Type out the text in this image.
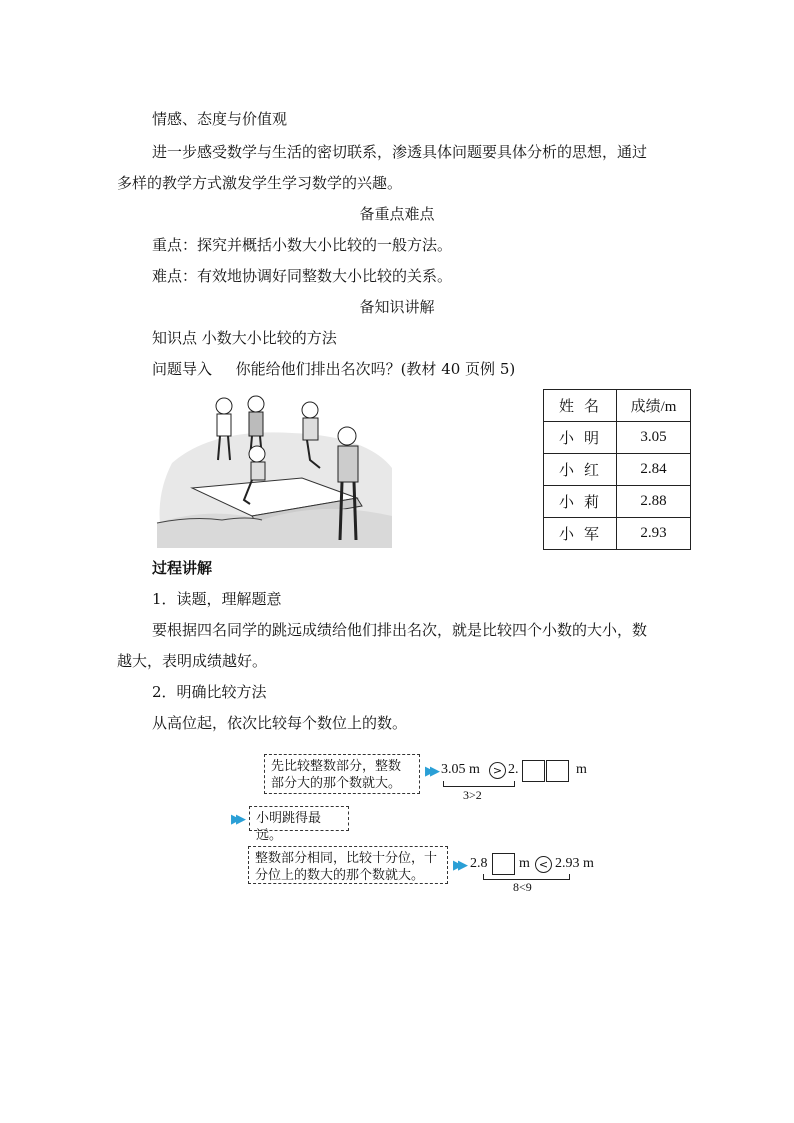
情感、态度与价值观
进一步感受数学与生活的密切联系，渗透具体问题要具体分析的思想，通过
多样的教学方式激发学生学习数学的兴趣。
备重点难点
重点：探究并概括小数大小比较的一般方法。
难点：有效地协调好同整数大小比较的关系。
备知识讲解
知识点 小数大小比较的方法
问题导入 你能给他们排出名次吗？(教材 40 页例 5)
姓名	成绩/m
小明	3.05
小红	2.84
小莉	2.88
小军	2.93
过程讲解
1．读题，理解题意
要根据四名同学的跳远成绩给他们排出名次，就是比较四个小数的大小，数
越大，表明成绩越好。
2．明确比较方法
从高位起，依次比较每个数位上的数。
先比较整数部分，整数部分大的那个数就大。
▶▶ 3.05 m	> 2.	m
3>2
▶▶	小明跳得最远。
整数部分相同，比较十分位，十分位上的数大的那个数就大。
▶▶ 2.8 m < 2.93 m
8<9
